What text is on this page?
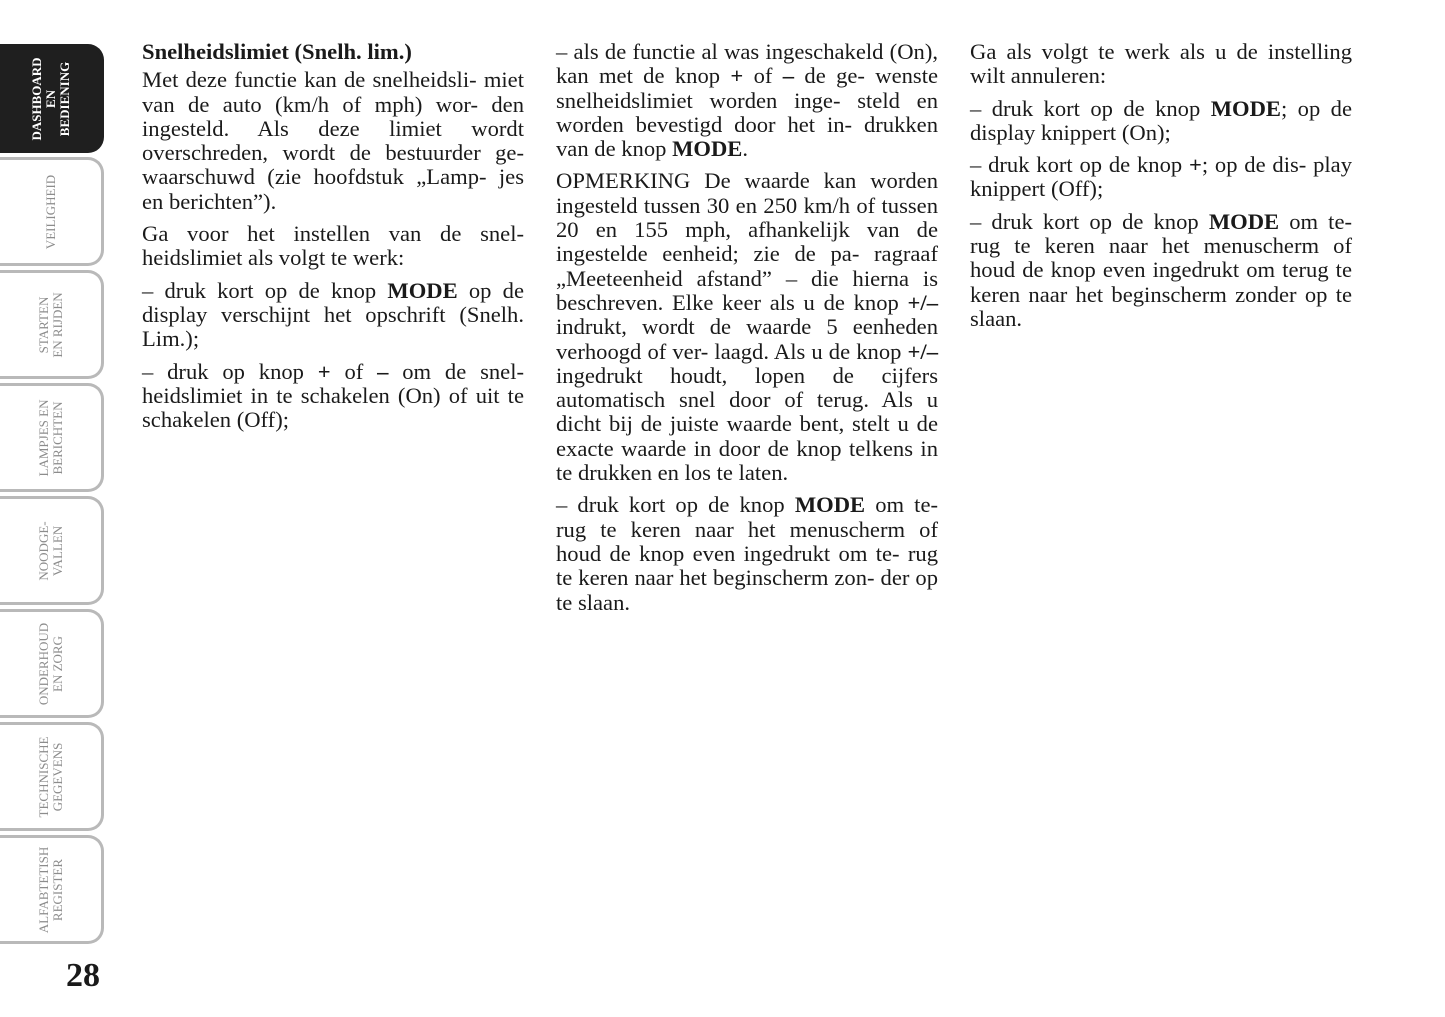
DASHBOARD
EN
BEDIENING
VEILIGHEID
STARTEN
EN RIJDEN
LAMPJES EN
BERICHTEN
NOODGE-
VALLEN
ONDERHOUD
EN ZORG
TECHNISCHE
GEGEVENS
ALFABTETISH
REGISTER
28

Snelheidslimiet (Snelh. lim.)

Met deze functie kan de snelheidsli- miet van de auto (km/h of mph) wor- den ingesteld. Als deze limiet wordt overschreden, wordt de bestuurder ge- waarschuwd (zie hoofdstuk „Lamp- jes en berichten”).

Ga voor het instellen van de snel- heidslimiet als volgt te werk:

– druk kort op de knop MODE op de display verschijnt het opschrift (Snelh. Lim.);

– druk op knop + of – om de snel- heidslimiet in te schakelen (On) of uit te schakelen (Off);

– als de functie al was ingeschakeld (On), kan met de knop + of – de ge- wenste snelheidslimiet worden inge- steld en worden bevestigd door het in- drukken van de knop MODE.

OPMERKING De waarde kan worden ingesteld tussen 30 en 250 km/h of tussen 20 en 155 mph, afhankelijk van de ingestelde eenheid; zie de pa- ragraaf „Meeteenheid afstand” – die hierna is beschreven. Elke keer als u de knop +/– indrukt, wordt de waarde 5 eenheden verhoogd of ver- laagd. Als u de knop +/– ingedrukt houdt, lopen de cijfers automatisch snel door of terug. Als u dicht bij de juiste waarde bent, stelt u de exacte waarde in door de knop telkens in te drukken en los te laten.

– druk kort op de knop MODE om te- rug te keren naar het menuscherm of houd de knop even ingedrukt om te- rug te keren naar het beginscherm zon- der op te slaan.

Ga als volgt te werk als u de instelling wilt annuleren:

– druk kort op de knop MODE; op de display knippert (On);

– druk kort op de knop +; op de dis- play knippert (Off);

– druk kort op de knop MODE om te- rug te keren naar het menuscherm of houd de knop even ingedrukt om terug te keren naar het beginscherm zonder op te slaan.
